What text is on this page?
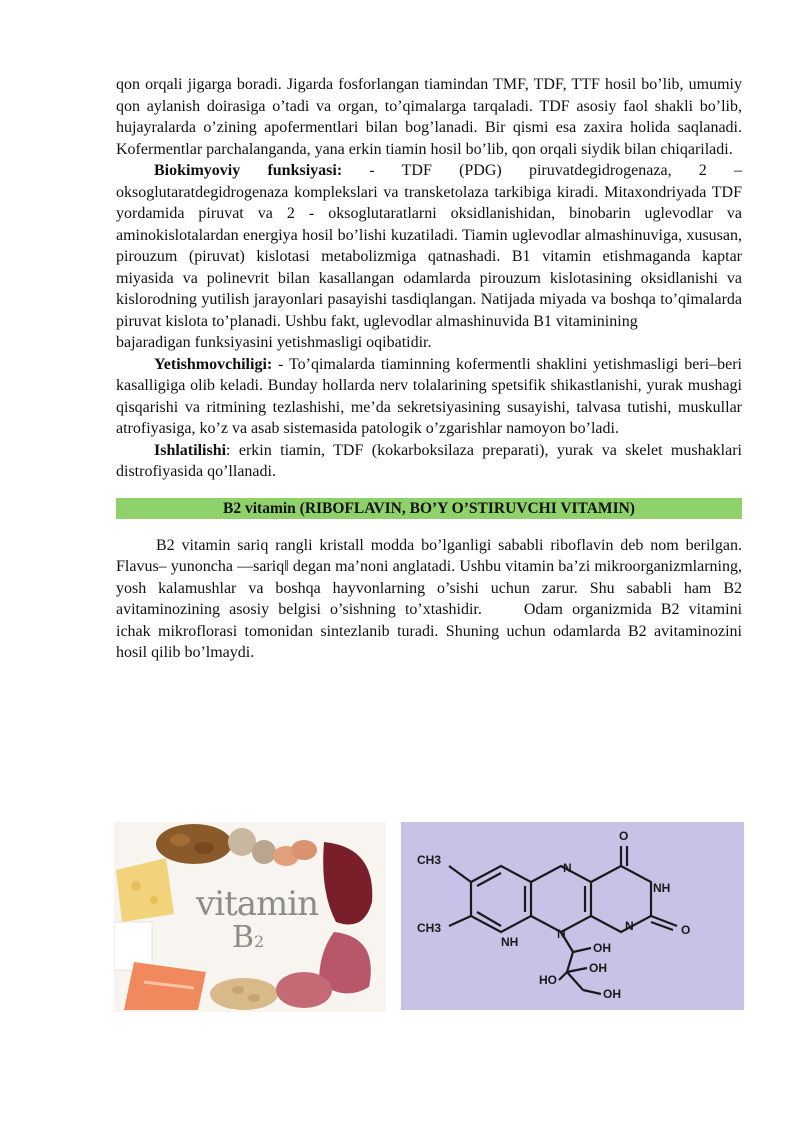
qon orqali jigarga boradi. Jigarda fosforlangan tiamindan TMF, TDF, TTF hosil bo’lib, umumiy qon aylanish doirasiga o’tadi va organ, to’qimalarga tarqaladi. TDF asosiy faol shakli bo’lib, hujayralarda o’zining apofermentlari bilan bog’lanadi. Bir qismi esa zaxira holida saqlanadi. Kofermentlar parchalanganda, yana erkin tiamin hosil bo’lib, qon orqali siydik bilan chiqariladi.

Biokimyoviy funksiyasi: - TDF (PDG) piruvatdegidrogenaza, 2 – oksoglutaratdegidrogenaza komplekslari va transketolaza tarkibiga kiradi. Mitaxondriyada TDF yordamida piruvat va 2 - oksoglutaratlarni oksidlanishidan, binobarin uglevodlar va aminokislotalardan energiya hosil bo’lishi kuzatiladi. Tiamin uglevodlar almashinuviga, xususan, pirouzum (piruvat) kislotasi metabolizmiga qatnashadi. B1 vitamin etishmaganda kaptar miyasida va polinevrit bilan kasallangan odamlarda pirouzum kislotasining oksidlanishi va kislorodning yutilish jarayonlari pasayishi tasdiqlangan. Natijada miyada va boshqa to’qimalarda piruvat kislota to’planadi. Ushbu fakt, uglevodlar almashinuvida B1 vitaminining

bajaradigan funksiyasini yetishmasligi oqibatidir.

Yetishmovchiligi: - To’qimalarda tiaminning kofermentli shaklini yetishmasligi beri–beri kasalligiga olib keladi. Bunday hollarda nerv tolalarining spetsifik shikastlanishi, yurak mushagi qisqarishi va ritmining tezlashishi, me’da sekretsiyasining susayishi, talvasa tutishi, muskullar atrofiyasiga, ko’z va asab sistemasida patologik o’zgarishlar namoyon bo’ladi.

Ishlatilishi: erkin tiamin, TDF (kokarboksilaza preparati), yurak va skelet mushaklari distrofiyasida qo’llanadi.

B2 vitamin (RIBOFLAVIN, BO’Y O’STIRUVCHI VITAMIN)

B2 vitamin sariq rangli kristall modda bo’lganligi sababli riboflavin deb nom berilgan. Flavus– yunoncha —sariq‖ degan ma’noni anglatadi. Ushbu vitamin ba’zi mikroorganizmlarning, yosh kalamushlar va boshqa hayvonlarning o’sishi uchun zarur. Shu sababli ham B2 avitaminozining asosiy belgisi o’sishning to’xtashidir.	Odam organizmida B2 vitamini ichak mikroflorasi tomonidan sintezlanib turadi. Shuning uchun odamlarda B2 avitaminozini hosil qilib bo’lmaydi.

vitamin
B2
CH3
CH3
NH
N
N
N
NH
O
O
OH
OH
HO
OH
